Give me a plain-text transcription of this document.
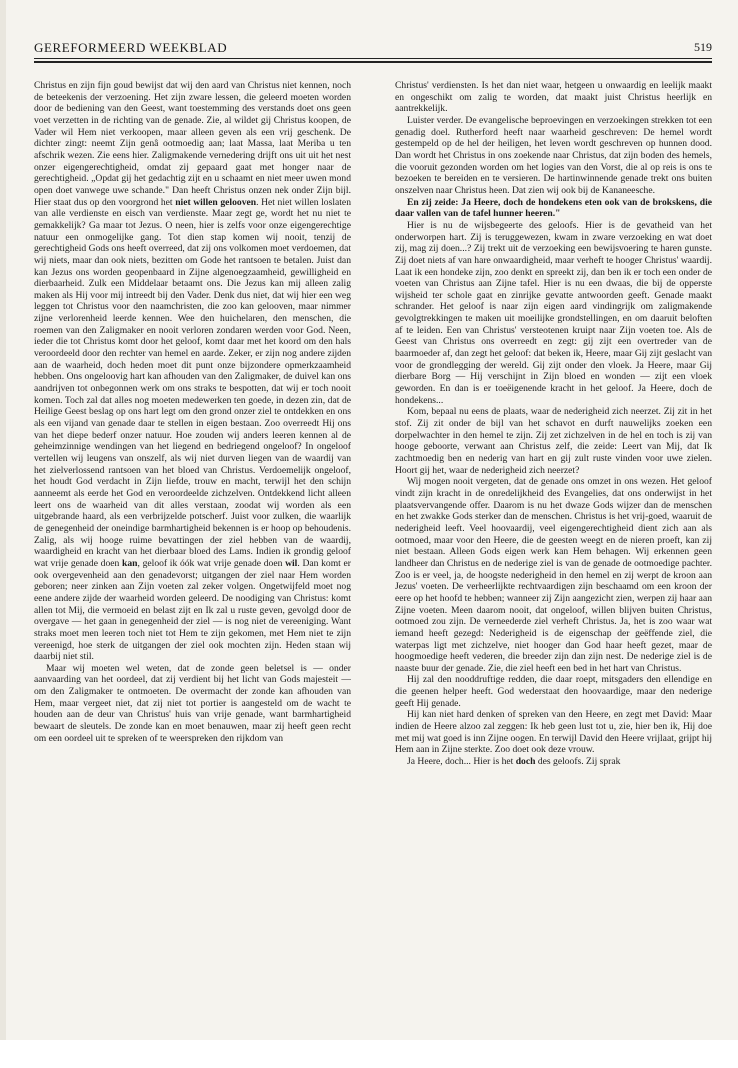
GEREFORMEERD WEEKBLAD	519

Christus en zijn fijn goud bewijst dat wij den aard van Christus niet kennen, noch de beteekenis der verzoening. Het zijn zware lessen, die geleerd moeten worden door de bediening van den Geest, want toestemming des verstands doet ons geen voet verzetten in de richting van de genade. Zie, al wildet gij Christus koopen, de Vader wil Hem niet verkoopen, maar alleen geven als een vrij geschenk. De dichter zingt: neemt Zijn genâ ootmoedig aan; laat Massa, laat Meriba u ten afschrik wezen. Zie eens hier. Zaligmakende vernedering drijft ons uit uit het nest onzer eigengerechtigheid, omdat zij gepaard gaat met honger naar de gerechtigheid. „Opdat gij het gedachtig zijt en u schaamt en niet meer uwen mond open doet vanwege uwe schande." Dan heeft Christus onzen nek onder Zijn bijl. Hier staat dus op den voorgrond het niet willen gelooven. Het niet willen loslaten van alle verdienste en eisch van verdienste. Maar zegt ge, wordt het nu niet te gemakkelijk? Ga maar tot Jezus. O neen, hier is zelfs voor onze eigengerechtige natuur een onmogelijke gang. Tot dien stap komen wij nooit, tenzij de gerechtigheid Gods ons heeft overreed, dat zij ons volkomen moet verdoemen, dat wij niets, maar dan ook niets, bezitten om Gode het rantsoen te betalen. Juist dan kan Jezus ons worden geopenbaard in Zijne algenoegzaamheid, gewilligheid en dierbaarheid. Zulk een Middelaar betaamt ons. Die Jezus kan mij alleen zalig maken als Hij voor mij intreedt bij den Vader. Denk dus niet, dat wij hier een weg leggen tot Christus voor den naamchristen, die zoo kan gelooven, maar nimmer zijne verlorenheid leerde kennen. Wee den huichelaren, den menschen, die roemen van den Zaligmaker en nooit verloren zondaren werden voor God. Neen, ieder die tot Christus komt door het geloof, komt daar met het koord om den hals veroordeeld door den rechter van hemel en aarde. Zeker, er zijn nog andere zijden aan de waarheid, doch heden moet dit punt onze bijzondere opmerkzaamheid hebben. Ons ongeloovig hart kan afhouden van den Zaligmaker, de duivel kan ons aandrijven tot onbegonnen werk om ons straks te bespotten, dat wij er toch nooit komen. Toch zal dat alles nog moeten medewerken ten goede, in dezen zin, dat de Heilige Geest beslag op ons hart legt om den grond onzer ziel te ontdekken en ons als een vijand van genade daar te stellen in eigen bestaan. Zoo overreedt Hij ons van het diepe bederf onzer natuur. Hoe zouden wij anders leeren kennen al de geheimzinnige wendingen van het liegend en bedriegend ongeloof? In ongeloof vertellen wij leugens van onszelf, als wij niet durven liegen van de waardij van het zielverlossend rantsoen van het bloed van Christus. Verdoemelijk ongeloof, het houdt God verdacht in Zijn liefde, trouw en macht, terwijl het den schijn aanneemt als eerde het God en veroordeelde zichzelven. Ontdekkend licht alleen leert ons de waarheid van dit alles verstaan, zoodat wij worden als een uitgebrande haard, als een verbrijzelde potscherf. Juist voor zulken, die waarlijk de genegenheid der oneindige barmhartigheid bekennen is er hoop op behoudenis. Zalig, als wij hooge ruime bevattingen der ziel hebben van de waardij, waardigheid en kracht van het dierbaar bloed des Lams. Indien ik grondig geloof wat vrije genade doen kan, geloof ik óók wat vrije genade doen wil. Dan komt er ook overgevenheid aan den genadevorst; uitgangen der ziel naar Hem worden geboren; neer zinken aan Zijn voeten zal zeker volgen. Ongetwijfeld moet nog eene andere zijde der waarheid worden geleerd. De noodiging van Christus: komt allen tot Mij, die vermoeid en belast zijt en Ik zal u ruste geven, gevolgd door de overgave — het gaan in genegenheid der ziel — is nog niet de vereeniging. Want straks moet men leeren toch niet tot Hem te zijn gekomen, met Hem niet te zijn vereenigd, hoe sterk de uitgangen der ziel ook mochten zijn. Heden staan wij daarbij niet stil.

Maar wij moeten wel weten, dat de zonde geen beletsel is — onder aanvaarding van het oordeel, dat zij verdient bij het licht van Gods majesteit — om den Zaligmaker te ontmoeten. De overmacht der zonde kan afhouden van Hem, maar vergeet niet, dat zij niet tot portier is aangesteld om de wacht te houden aan de deur van Christus' huis van vrije genade, want barmhartigheid bewaart de sleutels. De zonde kan en moet benauwen, maar zij heeft geen recht om een oordeel uit te spreken of te weerspreken den rijkdom van

Christus' verdiensten. Is het dan niet waar, hetgeen u onwaardig en leelijk maakt en ongeschikt om zalig te worden, dat maakt juist Christus heerlijk en aantrekkelijk.

Luister verder. De evangelische beproevingen en verzoekingen strekken tot een genadig doel. Rutherford heeft naar waarheid geschreven: De hemel wordt gestempeld op de hel der heiligen, het leven wordt geschreven op hunnen dood. Dan wordt het Christus in ons zoekende naar Christus, dat zijn boden des hemels, die vooruit gezonden worden om het logies van den Vorst, die al op reis is ons te bezoeken te bereiden en te versieren. De hartinwinnende genade trekt ons buiten onszelven naar Christus heen. Dat zien wij ook bij de Kananeesche.

En zij zeide: Ja Heere, doch de hondekens eten ook van de brokskens, die daar vallen van de tafel hunner heeren."

Hier is nu de wijsbegeerte des geloofs. Hier is de gevatheid van het onderworpen hart. Zij is teruggewezen, kwam in zware verzoeking en wat doet zij, mag zij doen...? Zij trekt uit de verzoeking een bewijsvoering te haren gunste. Zij doet niets af van hare onwaardigheid, maar verheft te hooger Christus' waardij. Laat ik een hondeke zijn, zoo denkt en spreekt zij, dan ben ik er toch een onder de voeten van Christus aan Zijne tafel. Hier is nu een dwaas, die bij de opperste wijsheid ter schole gaat en zinrijke gevatte antwoorden geeft. Genade maakt schrander. Het geloof is naar zijn eigen aard vindingrijk om zaligmakende gevolgtrekkingen te maken uit moeilijke grondstellingen, en om daaruit beloften af te leiden. Een van Christus' versteotenen kruipt naar Zijn voeten toe. Als de Geest van Christus ons overreedt en zegt: gij zijt een overtreder van de baarmoeder af, dan zegt het geloof: dat beken ik, Heere, maar Gij zijt geslacht van voor de grondlegging der wereld. Gij zijt onder den vloek. Ja Heere, maar Gij dierbare Borg — Hij verschijnt in Zijn bloed en wonden — zijt een vloek geworden. En dan is er toeëigenende kracht in het geloof. Ja Heere, doch de hondekens...

Kom, bepaal nu eens de plaats, waar de nederigheid zich neerzet. Zij zit in het stof. Zij zit onder de bijl van het schavot en durft nauwelijks zoeken een dorpelwachter in den hemel te zijn. Zij zet zichzelven in de hel en toch is zij van hooge geboorte, verwant aan Christus zelf, die zeide: Leert van Mij, dat Ik zachtmoedig ben en nederig van hart en gij zult ruste vinden voor uwe zielen. Hoort gij het, waar de nederigheid zich neerzet?

Wij mogen nooit vergeten, dat de genade ons omzet in ons wezen. Het geloof vindt zijn kracht in de onredelijkheid des Evangelies, dat ons onderwijst in het plaatsvervangende offer. Daarom is nu het dwaze Gods wijzer dan de menschen en het zwakke Gods sterker dan de menschen. Christus is het vrij-goed, waaruit de nederigheid leeft. Veel hoovaardij, veel eigengerechtigheid dient zich aan als ootmoed, maar voor den Heere, die de geesten weegt en de nieren proeft, kan zij niet bestaan. Alleen Gods eigen werk kan Hem behagen. Wij erkennen geen landheer dan Christus en de nederige ziel is van de genade de ootmoedige pachter. Zoo is er veel, ja, de hoogste nederigheid in den hemel en zij werpt de kroon aan Jezus' voeten. De verheerlijkte rechtvaardigen zijn beschaamd om een kroon der eere op het hoofd te hebben; wanneer zij Zijn aangezicht zien, werpen zij haar aan Zijne voeten. Meen daarom nooit, dat ongeloof, willen blijven buiten Christus, ootmoed zou zijn. De verneederde ziel verheft Christus. Ja, het is zoo waar wat iemand heeft gezegd: Nederigheid is de eigenschap der geëffende ziel, die waterpas ligt met zichzelve, niet hooger dan God haar heeft gezet, maar de hoogmoedige heeft vederen, die breeder zijn dan zijn nest. De nederige ziel is de naaste buur der genade. Zie, die ziel heeft een bed in het hart van Christus.

Hij zal den nooddruftige redden, die daar roept, mitsgaders den ellendige en die geenen helper heeft. God wederstaat den hoovaardige, maar den nederige geeft Hij genade.

Hij kan niet hard denken of spreken van den Heere, en zegt met David: Maar indien de Heere alzoo zal zeggen: Ik heb geen lust tot u, zie, hier ben ik, Hij doe met mij wat goed is inn Zijne oogen. En terwijl David den Heere vrijlaat, grijpt hij Hem aan in Zijne sterkte. Zoo doet ook deze vrouw.

Ja Heere, doch... Hier is het doch des geloofs. Zij sprak
